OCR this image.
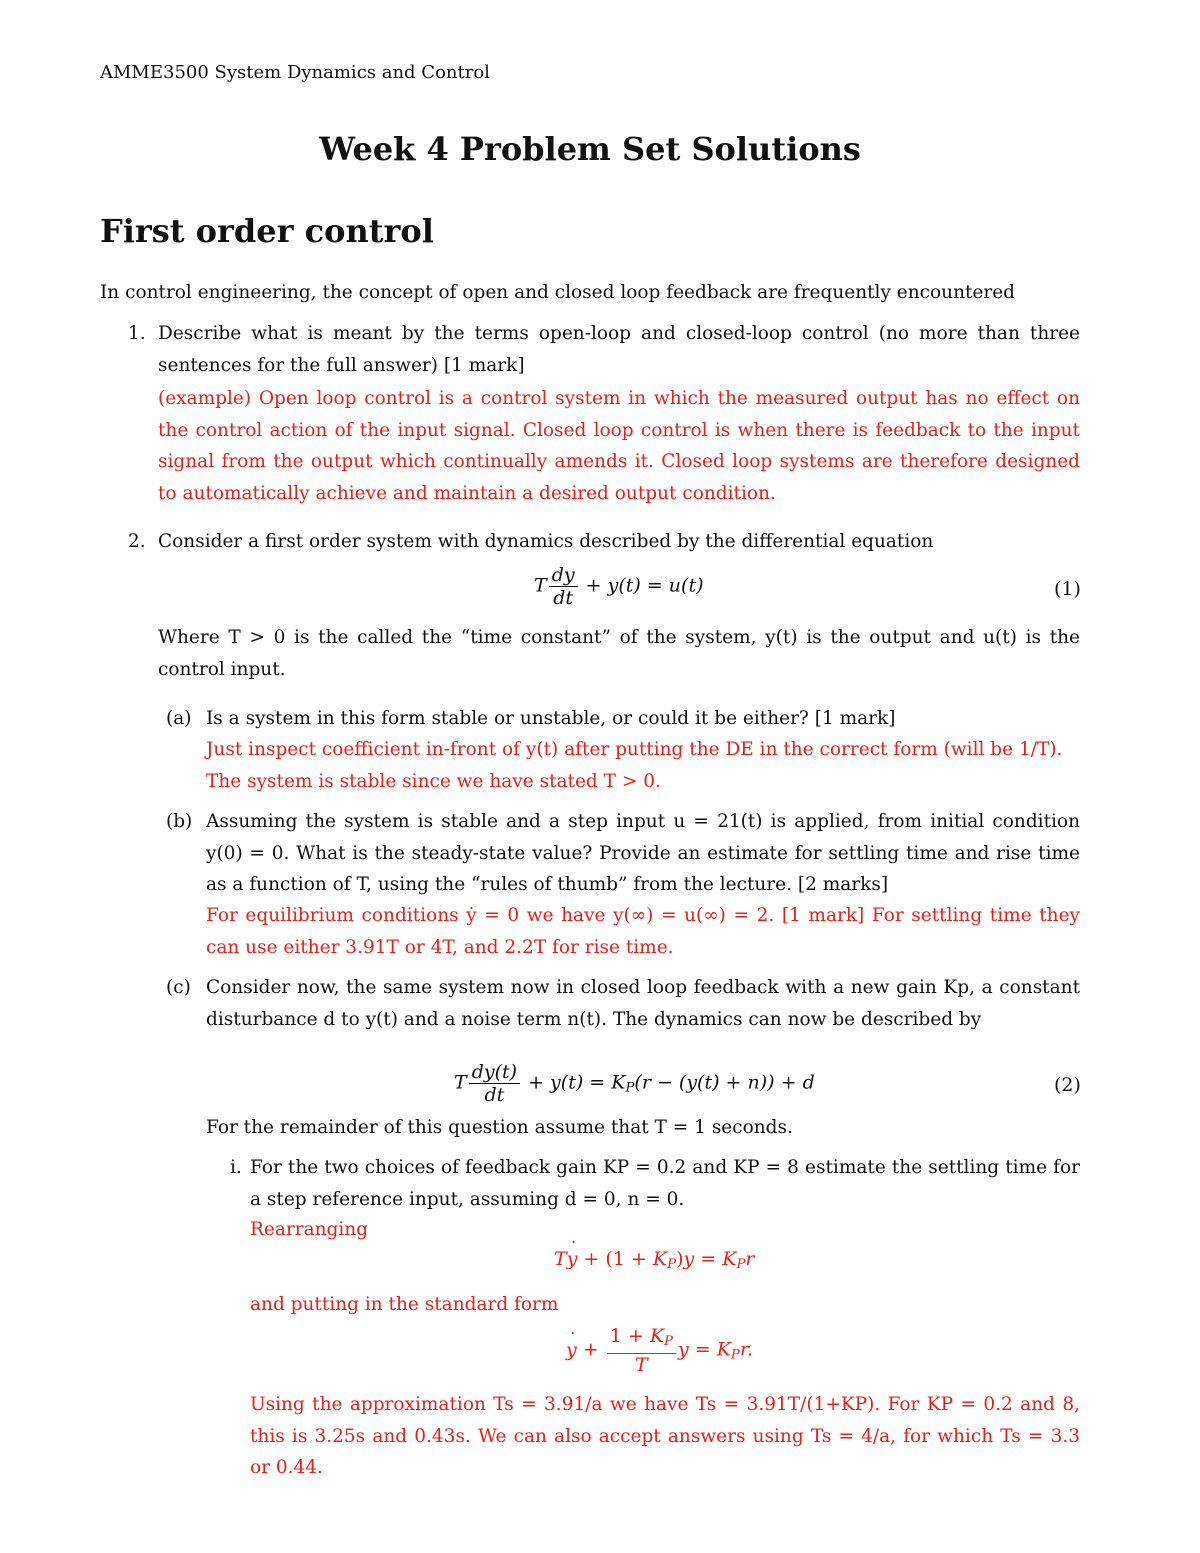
AMME3500 System Dynamics and Control
Week 4 Problem Set Solutions
First order control
In control engineering, the concept of open and closed loop feedback are frequently encountered
1. Describe what is meant by the terms open-loop and closed-loop control (no more than three sentences for the full answer) [1 mark]
(example) Open loop control is a control system in which the measured output has no effect on the control action of the input signal. Closed loop control is when there is feedback to the input signal from the output which continually amends it. Closed loop systems are therefore designed to automatically achieve and maintain a desired output condition.
2. Consider a first order system with dynamics described by the differential equation
T $\frac{dy}{dt} + y(t) = u(t)$	(1)
Where T > 0 is the called the “time constant” of the system, y(t) is the output and u(t) is the control input.
(a) Is a system in this form stable or unstable, or could it be either? [1 mark]
Just inspect coefficient in-front of y(t) after putting the DE in the correct form (will be 1/T). The system is stable since we have stated T > 0.
(b) Assuming the system is stable and a step input u = 21(t) is applied, from initial condition y(0) = 0. What is the steady-state value? Provide an estimate for settling time and rise time as a function of T, using the “rules of thumb” from the lecture. [2 marks]
For equilibrium conditions ẏ = 0 we have y(∞) = u(∞) = 2. [1 mark] For settling time they can use either 3.91T or 4T, and 2.2T for rise time.
(c) Consider now, the same system now in closed loop feedback with a new gain Kp, a constant disturbance d to y(t) and a noise term n(t). The dynamics can now be described by
T $\frac{dy(t)}{dt} + y(t) = K_P(r - (y(t) + n)) + d$	(2)
For the remainder of this question assume that T = 1 seconds.
i. For the two choices of feedback gain KP = 0.2 and KP = 8 estimate the settling time for a step reference input, assuming d = 0, n = 0.
Rearranging
Ty ˙ + $(1 + K_P)y = K_Pr$
and putting in the standard form
y ˙ + $\frac{1 + K_P}{T}$ $y = K_Pr$.
Using the approximation Ts = 3.91/a we have Ts = 3.91T/(1+KP). For KP = 0.2 and 8, this is 3.25s and 0.43s. We can also accept answers using Ts = 4/a, for which Ts = 3.3 or 0.44.
